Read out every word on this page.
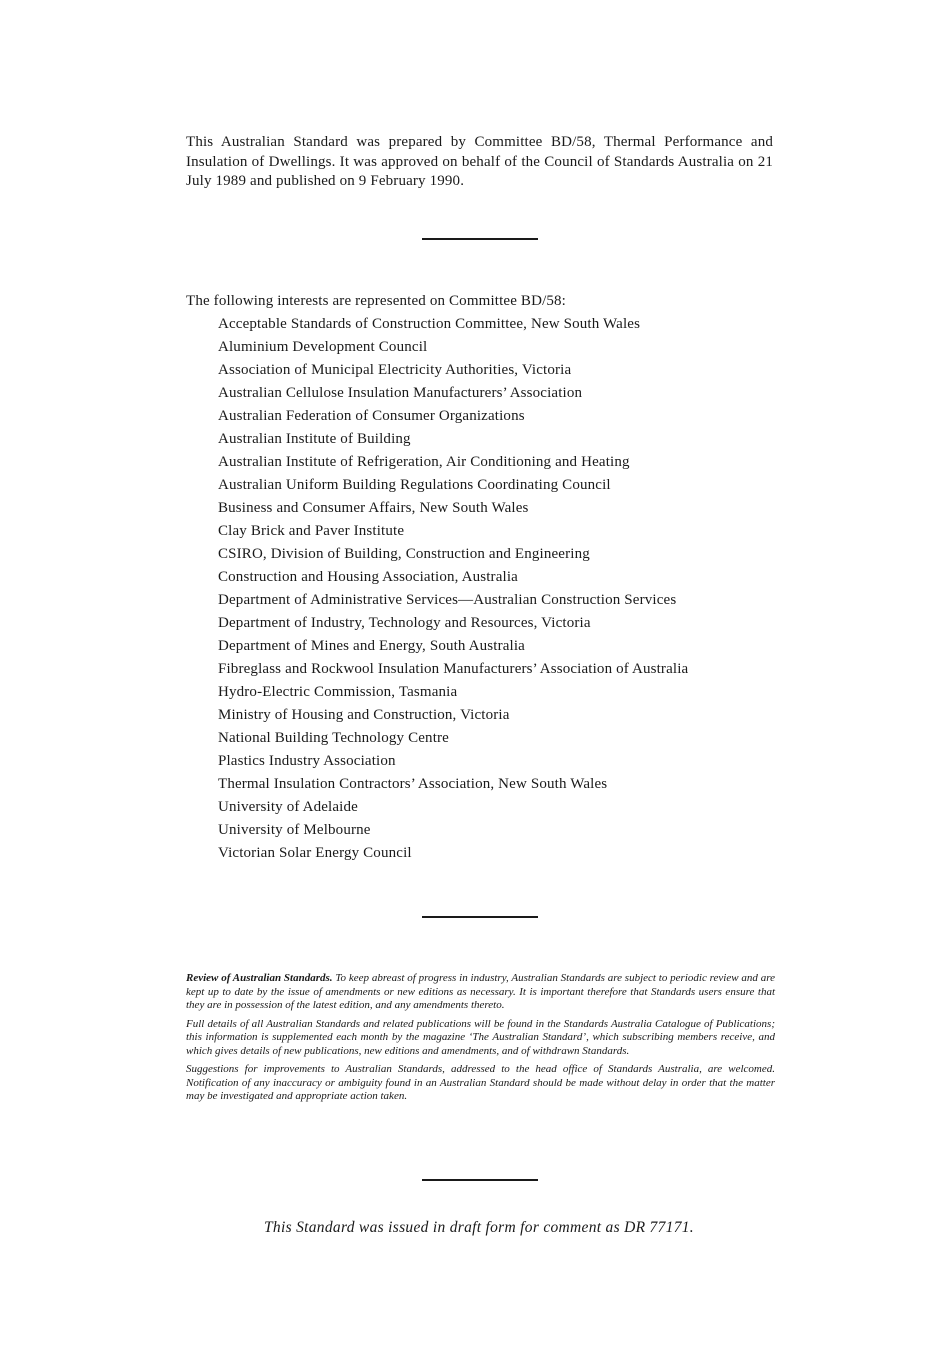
This Australian Standard was prepared by Committee BD/58, Thermal Performance and Insulation of Dwellings. It was approved on behalf of the Council of Standards Australia on 21 July 1989 and published on 9 February 1990.

The following interests are represented on Committee BD/58:

Acceptable Standards of Construction Committee, New South Wales
Aluminium Development Council
Association of Municipal Electricity Authorities, Victoria
Australian Cellulose Insulation Manufacturers’ Association
Australian Federation of Consumer Organizations
Australian Institute of Building
Australian Institute of Refrigeration, Air Conditioning and Heating
Australian Uniform Building Regulations Coordinating Council
Business and Consumer Affairs, New South Wales
Clay Brick and Paver Institute
CSIRO, Division of Building, Construction and Engineering
Construction and Housing Association, Australia
Department of Administrative Services—Australian Construction Services
Department of Industry, Technology and Resources, Victoria
Department of Mines and Energy, South Australia
Fibreglass and Rockwool Insulation Manufacturers’ Association of Australia
Hydro-Electric Commission, Tasmania
Ministry of Housing and Construction, Victoria
National Building Technology Centre
Plastics Industry Association
Thermal Insulation Contractors’ Association, New South Wales
University of Adelaide
University of Melbourne
Victorian Solar Energy Council

Review of Australian Standards. To keep abreast of progress in industry, Australian Standards are subject to periodic review and are kept up to date by the issue of amendments or new editions as necessary. It is important therefore that Standards users ensure that they are in possession of the latest edition, and any amendments thereto.

Full details of all Australian Standards and related publications will be found in the Standards Australia Catalogue of Publications; this information is supplemented each month by the magazine ‘The Australian Standard’, which subscribing members receive, and which gives details of new publications, new editions and amendments, and of withdrawn Standards.

Suggestions for improvements to Australian Standards, addressed to the head office of Standards Australia, are welcomed. Notification of any inaccuracy or ambiguity found in an Australian Standard should be made without delay in order that the matter may be investigated and appropriate action taken.

This Standard was issued in draft form for comment as DR 77171.
